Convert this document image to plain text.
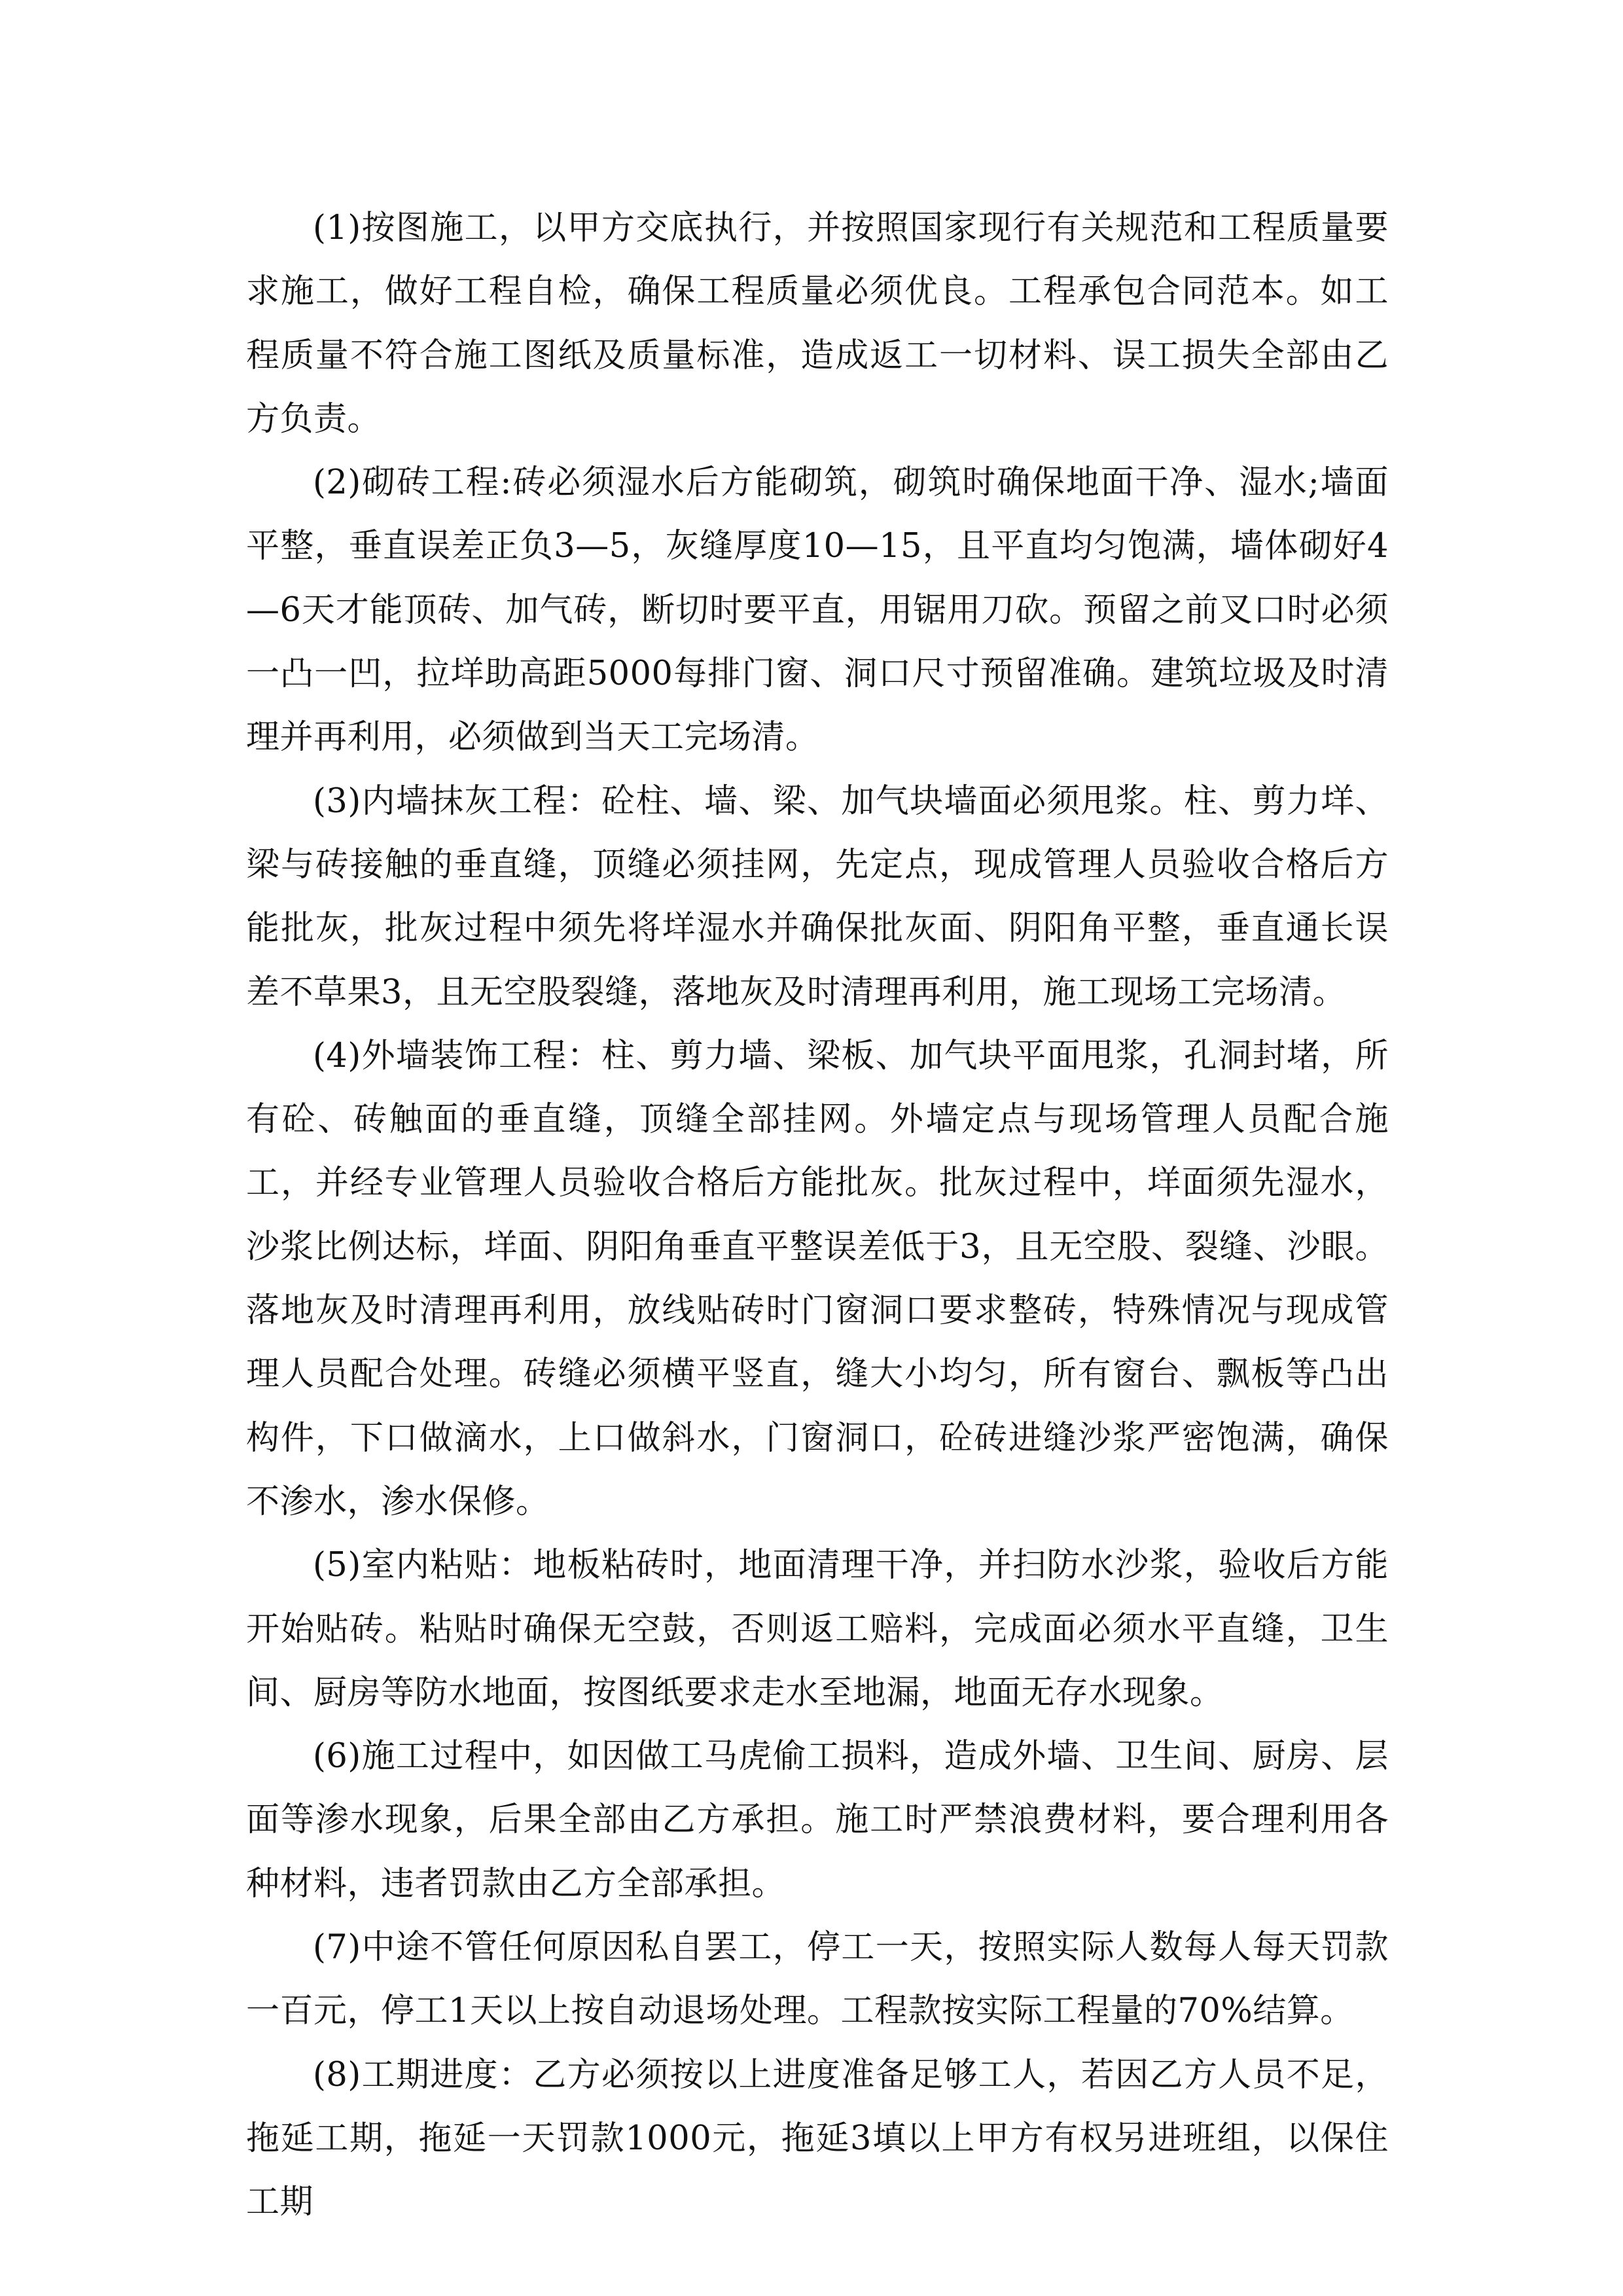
(1)按图施工，以甲方交底执行，并按照国家现行有关规范和工程质量要求施工，做好工程自检，确保工程质量必须优良。工程承包合同范本。如工程质量不符合施工图纸及质量标准，造成返工一切材料、误工损失全部由乙方负责。

(2)砌砖工程:砖必须湿水后方能砌筑，砌筑时确保地面干净、湿水;墙面平整，垂直误差正负3—5，灰缝厚度10—15，且平直均匀饱满，墙体砌好4—6天才能顶砖、加气砖，断切时要平直，用锯用刀砍。预留之前叉口时必须一凸一凹，拉垟助高距5000每排门窗、洞口尺寸预留准确。建筑垃圾及时清理并再利用，必须做到当天工完场清。

(3)内墙抹灰工程：砼柱、墙、梁、加气块墙面必须甩浆。柱、剪力垟、梁与砖接触的垂直缝，顶缝必须挂网，先定点，现成管理人员验收合格后方能批灰，批灰过程中须先将垟湿水并确保批灰面、阴阳角平整，垂直通长误差不草果3，且无空股裂缝，落地灰及时清理再利用，施工现场工完场清。

(4)外墙装饰工程：柱、剪力墙、梁板、加气块平面甩浆，孔洞封堵，所有砼、砖触面的垂直缝，顶缝全部挂网。外墙定点与现场管理人员配合施工，并经专业管理人员验收合格后方能批灰。批灰过程中，垟面须先湿水，沙浆比例达标，垟面、阴阳角垂直平整误差低于3，且无空股、裂缝、沙眼。落地灰及时清理再利用，放线贴砖时门窗洞口要求整砖，特殊情况与现成管理人员配合处理。砖缝必须横平竖直，缝大小均匀，所有窗台、飘板等凸出构件，下口做滴水，上口做斜水，门窗洞口，砼砖进缝沙浆严密饱满，确保不渗水，渗水保修。

(5)室内粘贴：地板粘砖时，地面清理干净，并扫防水沙浆，验收后方能开始贴砖。粘贴时确保无空鼓，否则返工赔料，完成面必须水平直缝，卫生间、厨房等防水地面，按图纸要求走水至地漏，地面无存水现象。

(6)施工过程中，如因做工马虎偷工损料，造成外墙、卫生间、厨房、层面等渗水现象，后果全部由乙方承担。施工时严禁浪费材料，要合理利用各种材料，违者罚款由乙方全部承担。

(7)中途不管任何原因私自罢工，停工一天，按照实际人数每人每天罚款一百元，停工1天以上按自动退场处理。工程款按实际工程量的70%结算。

(8)工期进度：乙方必须按以上进度准备足够工人，若因乙方人员不足，拖延工期，拖延一天罚款1000元，拖延3填以上甲方有权另进班组，以保住工期
